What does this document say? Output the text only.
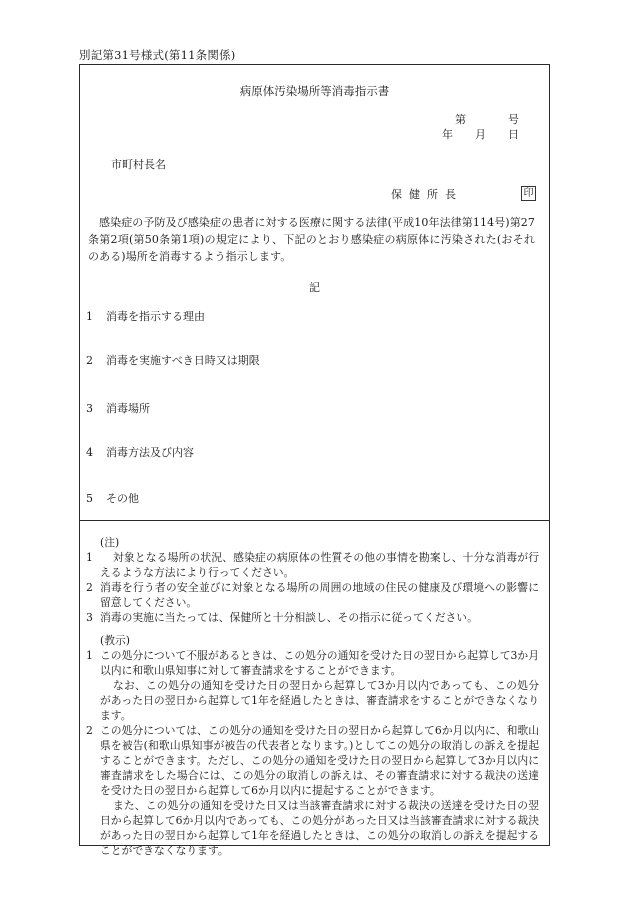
別記第31号様式(第11条関係)
病原体汚染場所等消毒指示書
第	号
年 月 日
市町村長名
保健所長	印
感染症の予防及び感染症の患者に対する医療に関する法律(平成10年法律第114号)第27条第2項(第50条第1項)の規定により、下記のとおり感染症の病原体に汚染された(おそれのある)場所を消毒するよう指示します。
記
1 消毒を指示する理由
2 消毒を実施すべき日時又は期限
3 消毒場所
4 消毒方法及び内容
5 その他
(注)
1	対象となる場所の状況、感染症の病原体の性質その他の事情を勘案し、十分な消毒が行えるような方法により行ってください。
2 消毒を行う者の安全並びに対象となる場所の周囲の地域の住民の健康及び環境への影響に留意してください。
3 消毒の実施に当たっては、保健所と十分相談し、その指示に従ってください。
(教示)
1 この処分について不服があるときは、この処分の通知を受けた日の翌日から起算して3か月以内に和歌山県知事に対して審査請求をすることができます。
なお、この処分の通知を受けた日の翌日から起算して3か月以内であっても、この処分があった日の翌日から起算して1年を経過したときは、審査請求をすることができなくなります。
2 この処分については、この処分の通知を受けた日の翌日から起算して6か月以内に、和歌山県を被告(和歌山県知事が被告の代表者となります。)としてこの処分の取消しの訴えを提起することができます。ただし、この処分の通知を受けた日の翌日から起算して3か月以内に審査請求をした場合には、この処分の取消しの訴えは、その審査請求に対する裁決の送達を受けた日の翌日から起算して6か月以内に提起することができます。
また、この処分の通知を受けた日又は当該審査請求に対する裁決の送達を受けた日の翌日から起算して6か月以内であっても、この処分があった日又は当該審査請求に対する裁決があった日の翌日から起算して1年を経過したときは、この処分の取消しの訴えを提起することができなくなります。
